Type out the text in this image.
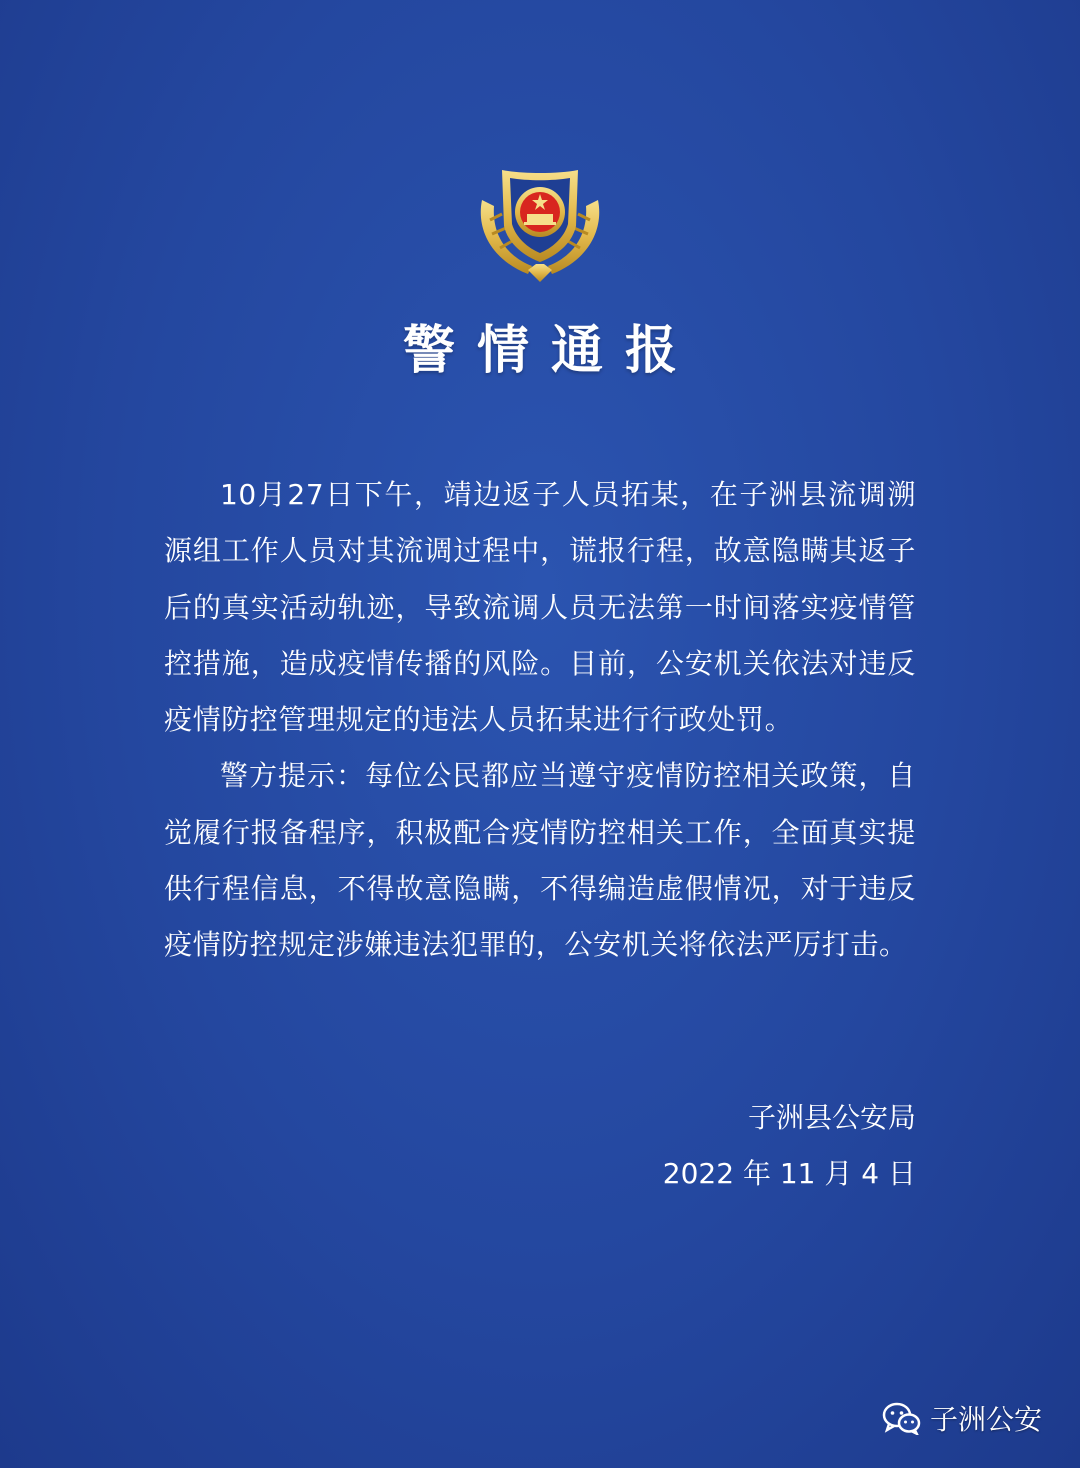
警情通报

10月27日下午，靖边返子人员拓某，在子洲县流调溯源组工作人员对其流调过程中，谎报行程，故意隐瞒其返子后的真实活动轨迹，导致流调人员无法第一时间落实疫情管控措施，造成疫情传播的风险。目前，公安机关依法对违反疫情防控管理规定的违法人员拓某进行行政处罚。

警方提示：每位公民都应当遵守疫情防控相关政策，自觉履行报备程序，积极配合疫情防控相关工作，全面真实提供行程信息，不得故意隐瞒，不得编造虚假情况，对于违反疫情防控规定涉嫌违法犯罪的，公安机关将依法严厉打击。

子洲县公安局
2022 年 11 月 4 日
子洲公安
